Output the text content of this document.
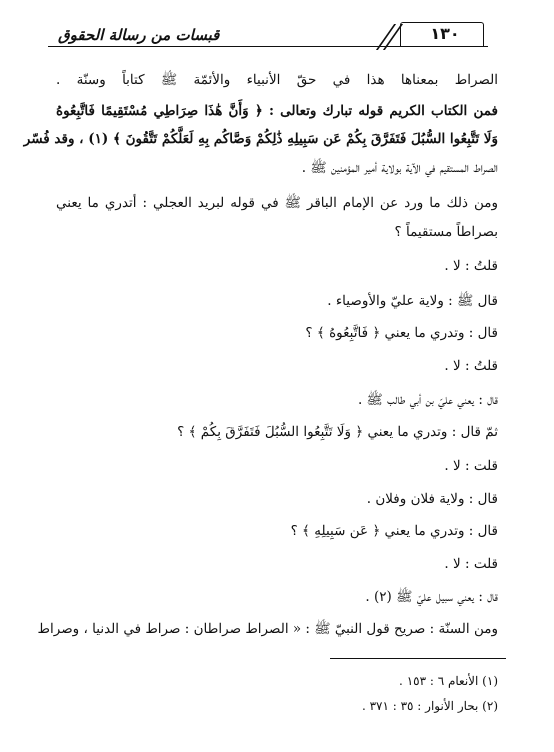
١٣٠
قبسات من رسالة الحقوق
الصراط بمعناها هذا في حقّ الأنبياء والأئمّة ﷺ كتاباً وسنّة .
فمن الكتاب الكريم قوله تبارك وتعالى : ﴿ وَأَنَّ هَٰذَا صِرَاطِي مُسْتَقِيمًا فَاتَّبِعُوهُ
وَلَا تَتَّبِعُوا السُّبُلَ فَتَفَرَّقَ بِكُمْ عَن سَبِيلِهِ ذَٰلِكُمْ وَصَّاكُم بِهِ لَعَلَّكُمْ تَتَّقُونَ ﴾ (١) ، وقد فُسّر
الصراط المستقيم في الآية بولاية أمير المؤمنين ﷺ .
ومن ذلك ما ورد عن الإمام الباقر ﷺ في قوله لبريد العجلي : أتدري ما يعني
بصراطاً مستقيماً ؟
قلتُ : لا .
قال ﷺ : ولاية عليّ والأوصياء .
قال : وتدري ما يعني ﴿ فَاتَّبِعُوهُ ﴾ ؟
قلتُ : لا .
قال : يعني عليّ بن أبي طالب ﷺ .
ثمّ قال : وتدري ما يعني ﴿ وَلَا تَتَّبِعُوا السُّبُلَ فَتَفَرَّقَ بِكُمْ ﴾ ؟
قلت : لا .
قال : ولاية فلان وفلان .
قال : وتدري ما يعني ﴿ عَن سَبِيلِهِ ﴾ ؟
قلت : لا .
قال : يعني سبيل عليّ ﷺ (٢) .
ومن السنّة : صريح قول النبيّ ﷺ : « الصراط صراطان : صراط في الدنيا ، وصراط
(١) الأنعام ٦ : ١٥٣ .
(٢) بحار الأنوار : ٣٥ : ٣٧١ .
